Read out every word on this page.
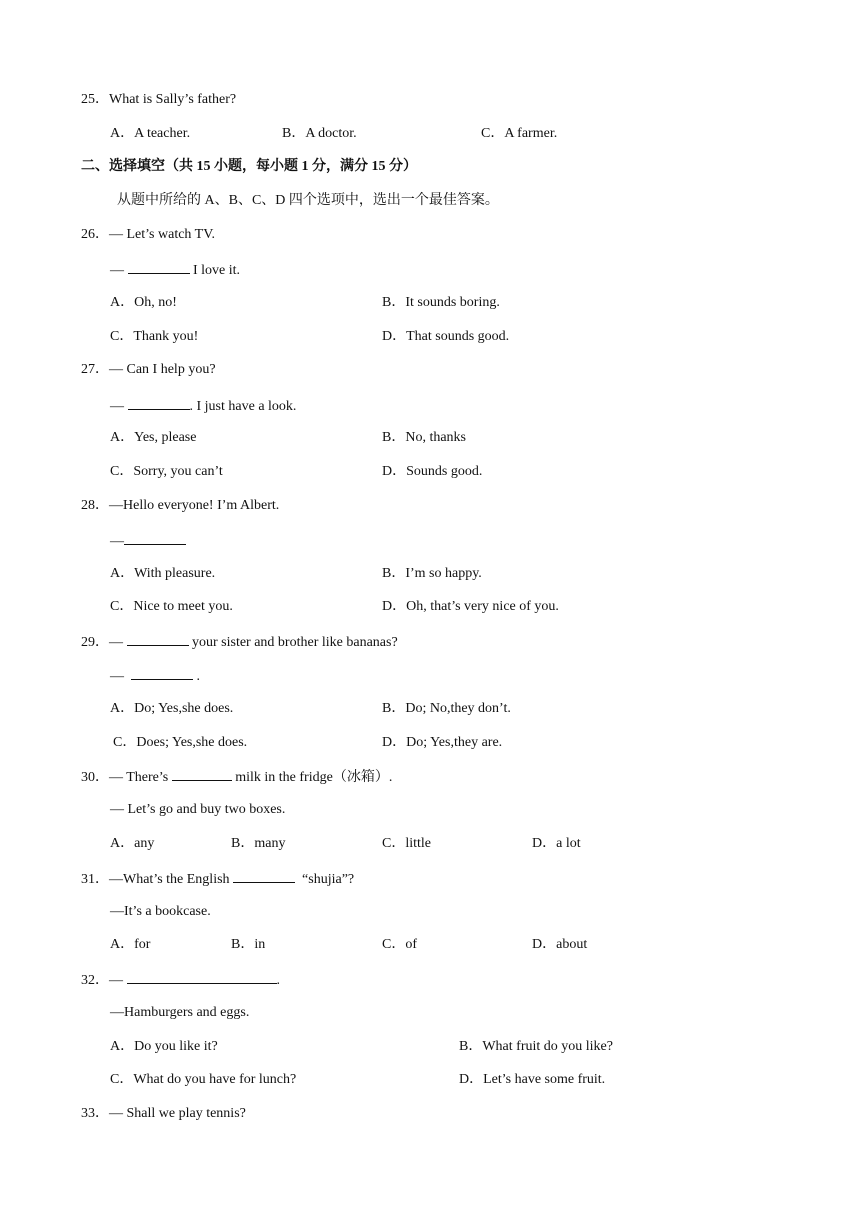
25．What is Sally’s father?
A．A teacher.	B．A doctor.	C．A farmer.
二、选择填空（共 15 小题，每小题 1 分，满分 15 分）
从题中所给的 A、B、C、D 四个选项中，选出一个最佳答案。
26．— Let’s watch TV.
—	I love it.
A．Oh, no!	B．It sounds boring.
C．Thank you!	D．That sounds good.
27．— Can I help you?
—	. I just have a look.
A．Yes, please	B．No, thanks
C．Sorry, you can’t	D．Sounds good.
28．—Hello everyone! I’m Albert.
—
A．With pleasure.	B．I’m so happy.
C．Nice to meet you.	D．Oh, that’s very nice of you.
29．—	your sister and brother like bananas?
—	.
A．Do; Yes,she does.	B．Do; No,they don’t.
C．Does; Yes,she does.	D．Do; Yes,they are.
30．— There’s	milk in the fridge（冰箱）.
— Let’s go and buy two boxes.
A．any	B．many	C．little	D．a lot
31．—What’s the English	“shujia”?
—It’s a bookcase.
A．for	B．in	C．of	D．about
32．—	.
—Hamburgers and eggs.
A．Do you like it?	B．What fruit do you like?
C．What do you have for lunch?	D．Let’s have some fruit.
33．— Shall we play tennis?
